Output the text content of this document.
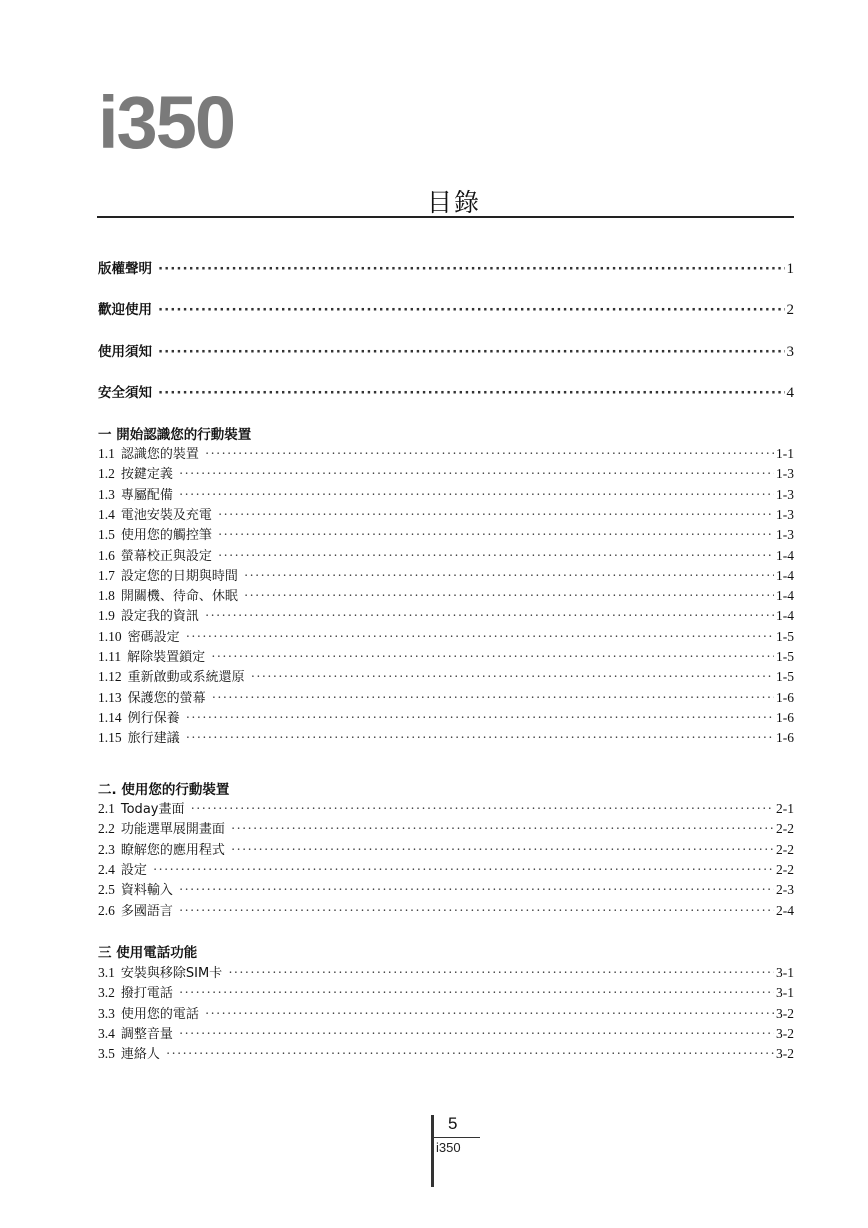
i350
目錄
版權聲明 ·····	1
歡迎使用 ·····	2
使用須知 ·····	3
安全須知 ·····	4
一 開始認識您的行動裝置
1.1 認識您的裝置 ·····	1-1
1.2 按鍵定義 ·····	1-3
1.3 專屬配備 ·····	1-3
1.4 電池安裝及充電 ·····	1-3
1.5 使用您的觸控筆 ·····	1-3
1.6 螢幕校正與設定 ·····	1-4
1.7 設定您的日期與時間 ·····	1-4
1.8 開關機、待命、休眠 ·····	1-4
1.9 設定我的資訊 ·····	1-4
1.10 密碼設定 ·····	1-5
1.11 解除裝置鎖定 ·····	1-5
1.12 重新啟動或系統還原 ·····	1-5
1.13 保護您的螢幕 ·····	1-6
1.14 例行保養 ·····	1-6
1.15 旅行建議 ·····	1-6
二. 使用您的行動裝置
2.1 Today畫面 ·····	2-1
2.2 功能選單展開畫面 ·····	2-2
2.3 瞭解您的應用程式 ·····	2-2
2.4 設定 ·····	2-2
2.5 資料輸入 ·····	2-3
2.6 多國語言 ·····	2-4
三 使用電話功能
3.1 安裝與移除SIM卡 ·····	3-1
3.2 撥打電話 ·····	3-1
3.3 使用您的電話 ·····	3-2
3.4 調整音量 ·····	3-2
3.5 連絡人 ·····	3-2
5
i350
